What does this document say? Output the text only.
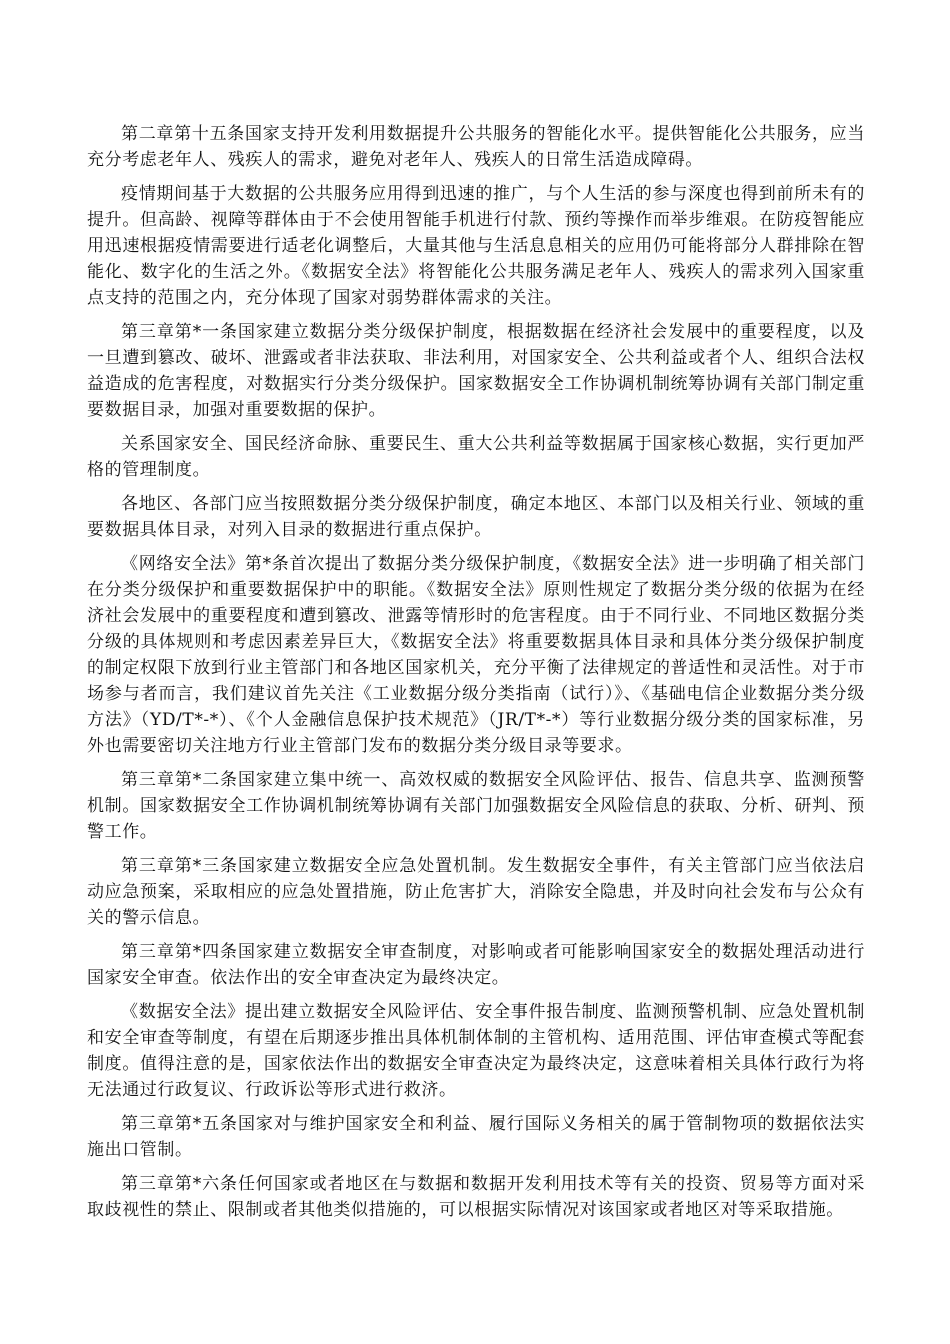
第二章第十五条国家支持开发利用数据提升公共服务的智能化水平。提供智能化公共服务，应当充分考虑老年人、残疾人的需求，避免对老年人、残疾人的日常生活造成障碍。

疫情期间基于大数据的公共服务应用得到迅速的推广，与个人生活的参与深度也得到前所未有的提升。但高龄、视障等群体由于不会使用智能手机进行付款、预约等操作而举步维艰。在防疫智能应用迅速根据疫情需要进行适老化调整后，大量其他与生活息息相关的应用仍可能将部分人群排除在智能化、数字化的生活之外。《数据安全法》将智能化公共服务满足老年人、残疾人的需求列入国家重点支持的范围之内，充分体现了国家对弱势群体需求的关注。

第三章第*一条国家建立数据分类分级保护制度，根据数据在经济社会发展中的重要程度，以及一旦遭到篡改、破坏、泄露或者非法获取、非法利用，对国家安全、公共利益或者个人、组织合法权益造成的危害程度，对数据实行分类分级保护。国家数据安全工作协调机制统筹协调有关部门制定重要数据目录，加强对重要数据的保护。

关系国家安全、国民经济命脉、重要民生、重大公共利益等数据属于国家核心数据，实行更加严格的管理制度。

各地区、各部门应当按照数据分类分级保护制度，确定本地区、本部门以及相关行业、领域的重要数据具体目录，对列入目录的数据进行重点保护。

《网络安全法》第*条首次提出了数据分类分级保护制度，《数据安全法》进一步明确了相关部门在分类分级保护和重要数据保护中的职能。《数据安全法》原则性规定了数据分类分级的依据为在经济社会发展中的重要程度和遭到篡改、泄露等情形时的危害程度。由于不同行业、不同地区数据分类分级的具体规则和考虑因素差异巨大，《数据安全法》将重要数据具体目录和具体分类分级保护制度的制定权限下放到行业主管部门和各地区国家机关，充分平衡了法律规定的普适性和灵活性。对于市场参与者而言，我们建议首先关注《工业数据分级分类指南（试行）》、《基础电信企业数据分类分级方法》（YD/T*-*）、《个人金融信息保护技术规范》（JR/T*-*）等行业数据分级分类的国家标准，另外也需要密切关注地方行业主管部门发布的数据分类分级目录等要求。

第三章第*二条国家建立集中统一、高效权威的数据安全风险评估、报告、信息共享、监测预警机制。国家数据安全工作协调机制统筹协调有关部门加强数据安全风险信息的获取、分析、研判、预警工作。

第三章第*三条国家建立数据安全应急处置机制。发生数据安全事件，有关主管部门应当依法启动应急预案，采取相应的应急处置措施，防止危害扩大，消除安全隐患，并及时向社会发布与公众有关的警示信息。

第三章第*四条国家建立数据安全审查制度，对影响或者可能影响国家安全的数据处理活动进行国家安全审查。依法作出的安全审查决定为最终决定。

《数据安全法》提出建立数据安全风险评估、安全事件报告制度、监测预警机制、应急处置机制和安全审查等制度，有望在后期逐步推出具体机制体制的主管机构、适用范围、评估审查模式等配套制度。值得注意的是，国家依法作出的数据安全审查决定为最终决定，这意味着相关具体行政行为将无法通过行政复议、行政诉讼等形式进行救济。

第三章第*五条国家对与维护国家安全和利益、履行国际义务相关的属于管制物项的数据依法实施出口管制。

第三章第*六条任何国家或者地区在与数据和数据开发利用技术等有关的投资、贸易等方面对采取歧视性的禁止、限制或者其他类似措施的，可以根据实际情况对该国家或者地区对等采取措施。
